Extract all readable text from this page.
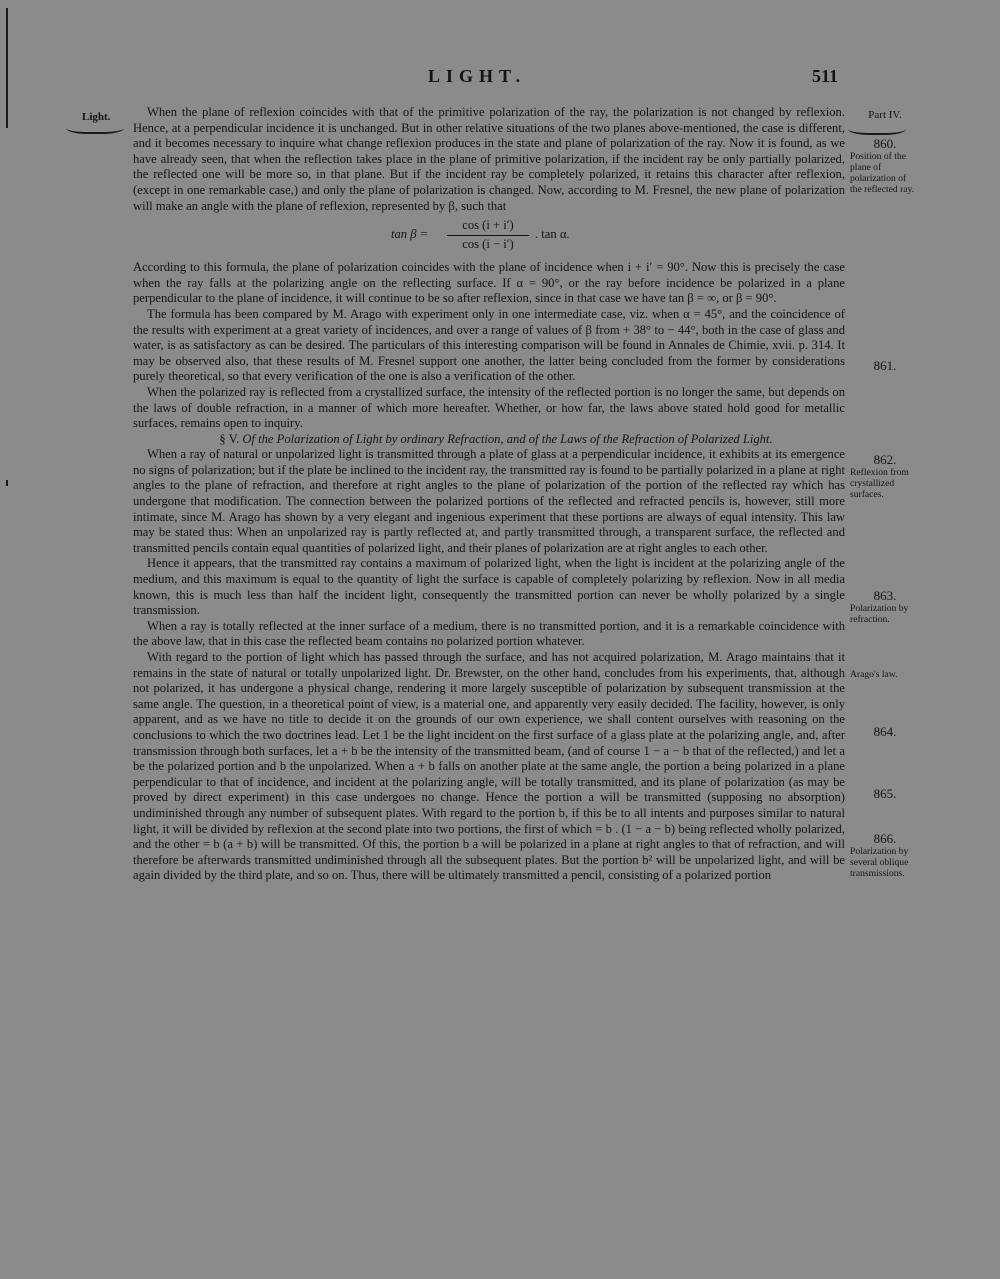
LIGHT.	511
Light.	Part IV.

When the plane of reflexion coincides with that of the primitive polarization of the ray, the polarization is not changed by reflexion. Hence, at a perpendicular incidence it is unchanged. But in other relative situations of the two planes above-mentioned, the case is different, and it becomes necessary to inquire what change reflexion produces in the state and plane of polarization of the ray. Now it is found, as we have already seen, that when the reflection takes place in the plane of primitive polarization, if the incident ray be only partially polarized, the reflected one will be more so, in that plane. But if the incident ray be completely polarized, it retains this character after reflexion, (except in one remarkable case,) and only the plane of polarization is changed. Now, according to M. Fresnel, the new plane of polarization will make an angle with the plane of reflexion, represented by β, such that

$\tan \beta = \frac{\cos (i + i')}{\cos (i - i')}$ . tan α.

According to this formula, the plane of polarization coincides with the plane of incidence when i + i′ = 90°. Now this is precisely the case when the ray falls at the polarizing angle on the reflecting surface. If α = 90°, or the ray before incidence be polarized in a plane perpendicular to the plane of incidence, it will continue to be so after reflexion, since in that case we have tan β = ∞, or β = 90°.

The formula has been compared by M. Arago with experiment only in one intermediate case, viz. when α = 45°, and the coincidence of the results with experiment at a great variety of incidences, and over a range of values of β from + 38° to − 44°, both in the case of glass and water, is as satisfactory as can be desired. The particulars of this interesting comparison will be found in Annales de Chimie, xvii. p. 314. It may be observed also, that these results of M. Fresnel support one another, the latter being concluded from the former by considerations purely theoretical, so that every verification of the one is also a verification of the other.

When the polarized ray is reflected from a crystallized surface, the intensity of the reflected portion is no longer the same, but depends on the laws of double refraction, in a manner of which more hereafter. Whether, or how far, the laws above stated hold good for metallic surfaces, remains open to inquiry.

§ V. Of the Polarization of Light by ordinary Refraction, and of the Laws of the Refraction of Polarized Light.

When a ray of natural or unpolarized light is transmitted through a plate of glass at a perpendicular incidence, it exhibits at its emergence no signs of polarization; but if the plate be inclined to the incident ray, the transmitted ray is found to be partially polarized in a plane at right angles to the plane of refraction, and therefore at right angles to the plane of polarization of the portion of the reflected ray which has undergone that modification. The connection between the polarized portions of the reflected and refracted pencils is, however, still more intimate, since M. Arago has shown by a very elegant and ingenious experiment that these portions are always of equal intensity. This law may be stated thus: When an unpolarized ray is partly reflected at, and partly transmitted through, a transparent surface, the reflected and transmitted pencils contain equal quantities of polarized light, and their planes of polarization are at right angles to each other.

Hence it appears, that the transmitted ray contains a maximum of polarized light, when the light is incident at the polarizing angle of the medium, and this maximum is equal to the quantity of light the surface is capable of completely polarizing by reflexion. Now in all media known, this is much less than half the incident light, consequently the transmitted portion can never be wholly polarized by a single transmission.

When a ray is totally reflected at the inner surface of a medium, there is no transmitted portion, and it is a remarkable coincidence with the above law, that in this case the reflected beam contains no polarized portion whatever.

With regard to the portion of light which has passed through the surface, and has not acquired polarization, M. Arago maintains that it remains in the state of natural or totally unpolarized light. Dr. Brewster, on the other hand, concludes from his experiments, that, although not polarized, it has undergone a physical change, rendering it more largely susceptible of polarization by subsequent transmission at the same angle. The question, in a theoretical point of view, is a material one, and apparently very easily decided. The facility, however, is only apparent, and as we have no title to decide it on the grounds of our own experience, we shall content ourselves with reasoning on the conclusions to which the two doctrines lead. Let 1 be the light incident on the first surface of a glass plate at the polarizing angle, and, after transmission through both surfaces, let a + b be the intensity of the transmitted beam, (and of course 1 − a − b that of the reflected,) and let a be the polarized portion and b the unpolarized. When a + b falls on another plate at the same angle, the portion a being polarized in a plane perpendicular to that of incidence, and incident at the polarizing angle, will be totally transmitted, and its plane of polarization (as may be proved by direct experiment) in this case undergoes no change. Hence the portion a will be transmitted (supposing no absorption) undiminished through any number of subsequent plates. With regard to the portion b, if this be to all intents and purposes similar to natural light, it will be divided by reflexion at the second plate into two portions, the first of which = b . (1 − a − b) being reflected wholly polarized, and the other = b (a + b) will be transmitted. Of this, the portion b a will be polarized in a plane at right angles to that of refraction, and will therefore be afterwards transmitted undiminished through all the subsequent plates. But the portion b² will be unpolarized light, and will be again divided by the third plate, and so on. Thus, there will be ultimately transmitted a pencil, consisting of a polarized portion

860.
Position of the plane of polarization of the reflected ray.
861.
862.
Reflexion from crystallized surfaces.
863.
Polarization by refraction.
Arago's law.
864.
865.
866.
Polarization by several oblique transmissions.
